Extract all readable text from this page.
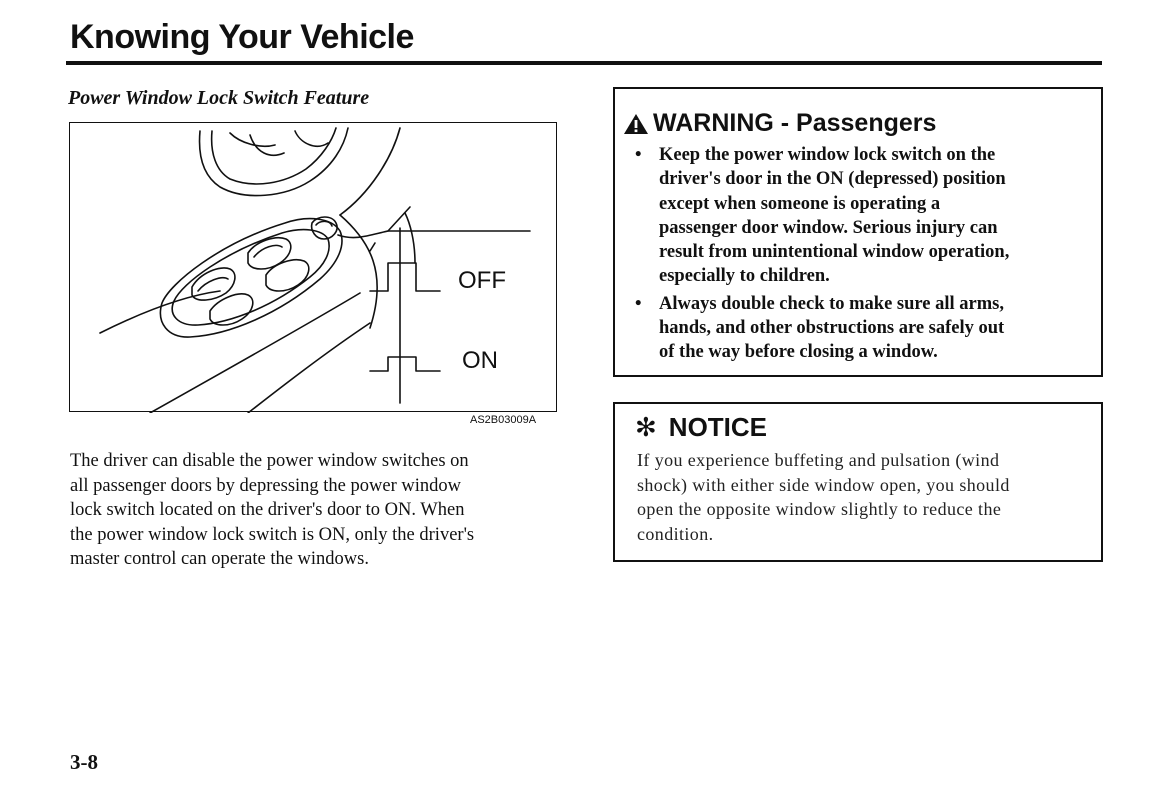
Knowing Your Vehicle
Power Window Lock Switch Feature
OFF
ON
AS2B03009A
The driver can disable the power window switches on
all passenger doors by depressing the power window
lock switch located on the driver's door to ON. When
the power window lock switch is ON, only the driver's
master control can operate the windows.
WARNING - Passengers
• Keep the power window lock switch on the
driver's door in the ON (depressed) position
except when someone is operating a
passenger door window. Serious injury can
result from unintentional window operation,
especially to children.
• Always double check to make sure all arms,
hands, and other obstructions are safely out
of the way before closing a window.
✻ NOTICE
If you experience buffeting and pulsation (wind
shock) with either side window open, you should
open the opposite window slightly to reduce the
condition.
3-8
